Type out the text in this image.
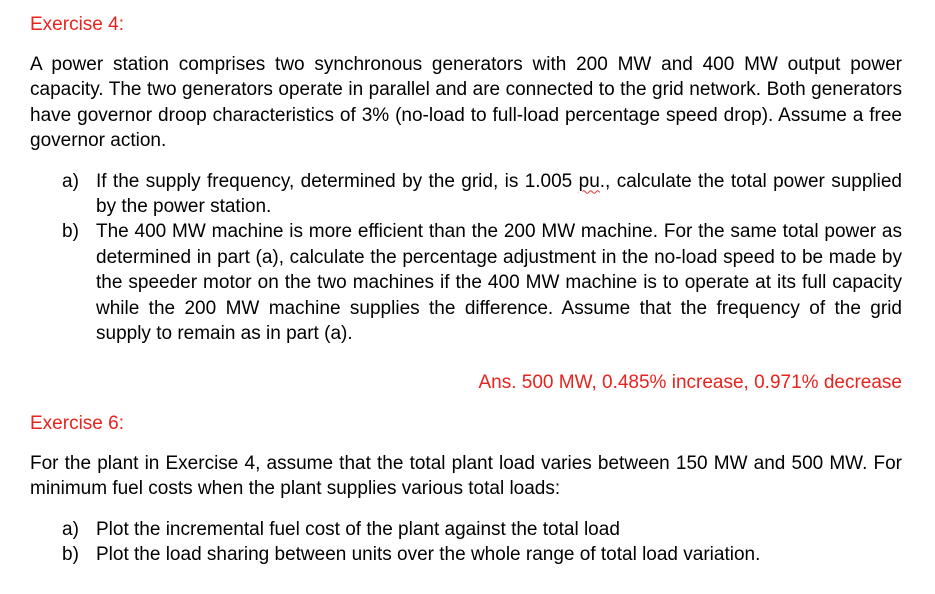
Exercise 4:

A power station comprises two synchronous generators with 200 MW and 400 MW output power capacity. The two generators operate in parallel and are connected to the grid network. Both generators have governor droop characteristics of 3% (no-load to full-load percentage speed drop). Assume a free governor action.

a) If the supply frequency, determined by the grid, is 1.005 pu., calculate the total power supplied by the power station.
b) The 400 MW machine is more efficient than the 200 MW machine. For the same total power as determined in part (a), calculate the percentage adjustment in the no-load speed to be made by the speeder motor on the two machines if the 400 MW machine is to operate at its full capacity while the 200 MW machine supplies the difference. Assume that the frequency of the grid supply to remain as in part (a).

Ans. 500 MW, 0.485% increase, 0.971% decrease

Exercise 6:

For the plant in Exercise 4, assume that the total plant load varies between 150 MW and 500 MW. For minimum fuel costs when the plant supplies various total loads:

a) Plot the incremental fuel cost of the plant against the total load
b) Plot the load sharing between units over the whole range of total load variation.
